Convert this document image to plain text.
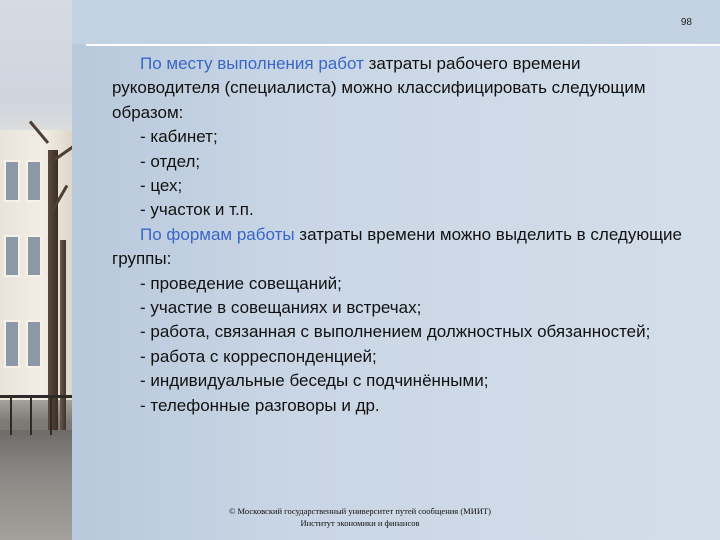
98

По месту выполнения работ затраты рабочего времени руководителя (специалиста) можно классифицировать следующим образом:

- кабинет;

- отдел;

- цех;

- участок и т.п.

По формам работы затраты времени можно выделить в следующие группы:

- проведение совещаний;

- участие в совещаниях и встречах;

- работа, связанная с выполнением должностных обязанностей;

- работа с корреспонденцией;

- индивидуальные беседы с подчинёнными;

- телефонные разговоры и др.

© Московский государственный университет путей сообщения (МИИТ)
Институт экономики и финансов
